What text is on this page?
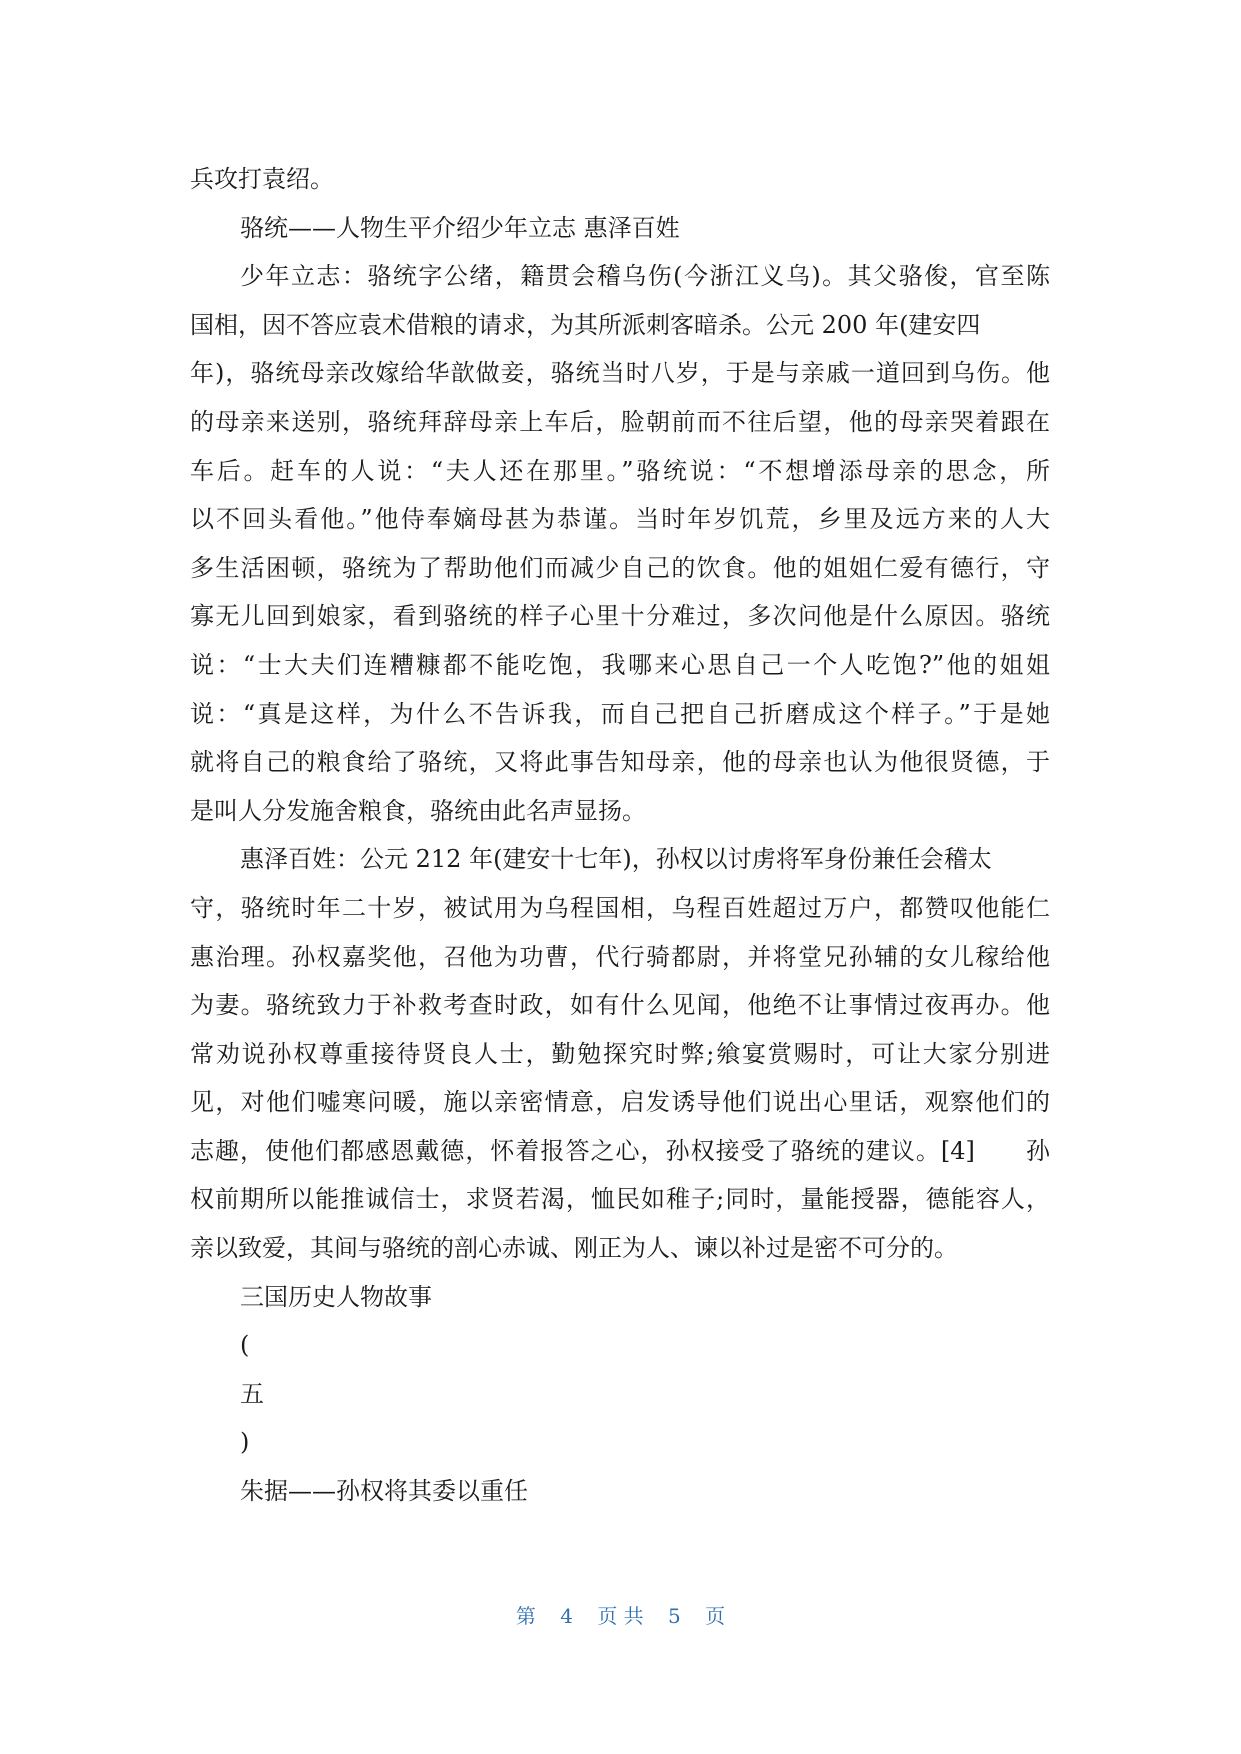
兵攻打袁绍。
骆统——人物生平介绍少年立志 惠泽百姓
少年立志：骆统字公绪，籍贯会稽乌伤(今浙江义乌)。其父骆俊，官至陈
国相，因不答应袁术借粮的请求，为其所派刺客暗杀。公元 200 年(建安四
年)，骆统母亲改嫁给华歆做妾，骆统当时八岁，于是与亲戚一道回到乌伤。他
的母亲来送别，骆统拜辞母亲上车后，脸朝前而不往后望，他的母亲哭着跟在
车后。赶车的人说：“夫人还在那里。”骆统说：“不想增添母亲的思念，所
以不回头看他。”他侍奉嫡母甚为恭谨。当时年岁饥荒，乡里及远方来的人大
多生活困顿，骆统为了帮助他们而减少自己的饮食。他的姐姐仁爱有德行，守
寡无儿回到娘家，看到骆统的样子心里十分难过，多次问他是什么原因。骆统
说：“士大夫们连糟糠都不能吃饱，我哪来心思自己一个人吃饱?”他的姐姐
说：“真是这样，为什么不告诉我，而自己把自己折磨成这个样子。”于是她
就将自己的粮食给了骆统，又将此事告知母亲，他的母亲也认为他很贤德，于
是叫人分发施舍粮食，骆统由此名声显扬。
惠泽百姓：公元 212 年(建安十七年)，孙权以讨虏将军身份兼任会稽太
守，骆统时年二十岁，被试用为乌程国相，乌程百姓超过万户，都赞叹他能仁
惠治理。孙权嘉奖他，召他为功曹，代行骑都尉，并将堂兄孙辅的女儿稼给他
为妻。骆统致力于补救考查时政，如有什么见闻，他绝不让事情过夜再办。他
常劝说孙权尊重接待贤良人士，勤勉探究时弊;飨宴赏赐时，可让大家分别进
见，对他们嘘寒问暖，施以亲密情意，启发诱导他们说出心里话，观察他们的
志趣，使他们都感恩戴德，怀着报答之心，孙权接受了骆统的建议。[4]　　孙
权前期所以能推诚信士，求贤若渴，恤民如稚子;同时，量能授器，德能容人，
亲以致爱，其间与骆统的剖心赤诚、刚正为人、谏以补过是密不可分的。
三国历史人物故事
(
五
)
朱据——孙权将其委以重任
第 4 页 共 5 页
